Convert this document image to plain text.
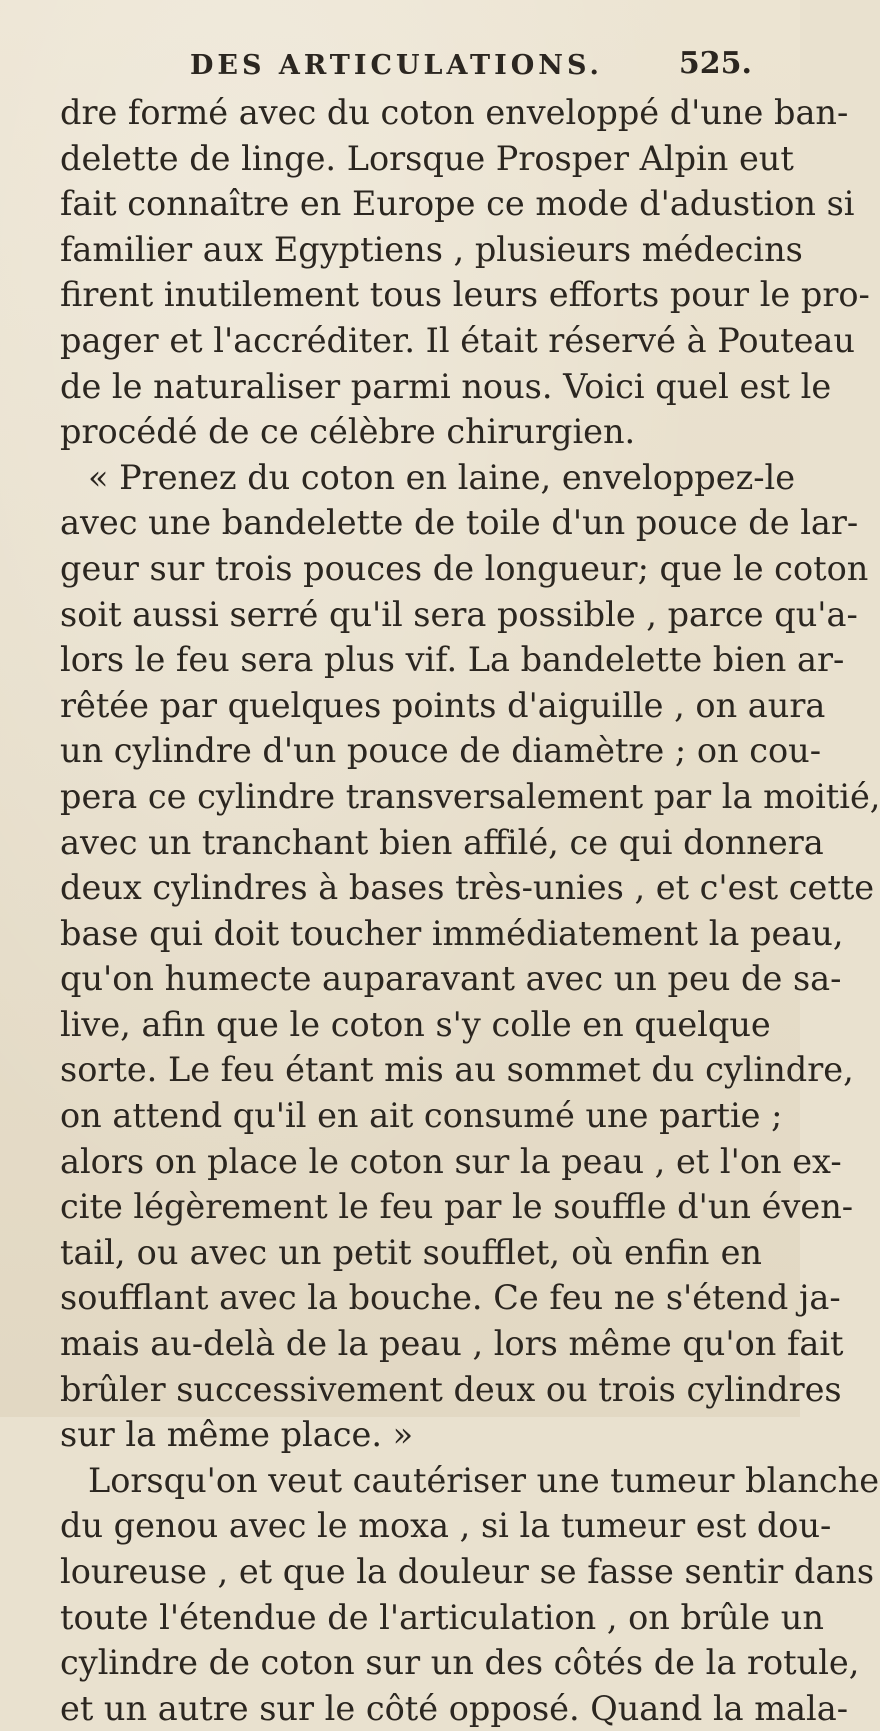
DES ARTICULATIONS.	525.
dre formé avec du coton enveloppé d'une ban-
delette de linge. Lorsque Prosper Alpin eut
fait connaître en Europe ce mode d'adustion si
familier aux Egyptiens , plusieurs médecins
firent inutilement tous leurs efforts pour le pro-
pager et l'accréditer. Il était réservé à Pouteau
de le naturaliser parmi nous. Voici quel est le
procédé de ce célèbre chirurgien.
« Prenez du coton en laine, enveloppez-le
avec une bandelette de toile d'un pouce de lar-
geur sur trois pouces de longueur; que le coton
soit aussi serré qu'il sera possible , parce qu'a-
lors le feu sera plus vif. La bandelette bien ar-
rêtée par quelques points d'aiguille , on aura
un cylindre d'un pouce de diamètre ; on cou-
pera ce cylindre transversalement par la moitié,
avec un tranchant bien affilé, ce qui donnera
deux cylindres à bases très-unies , et c'est cette
base qui doit toucher immédiatement la peau,
qu'on humecte auparavant avec un peu de sa-
live, afin que le coton s'y colle en quelque
sorte. Le feu étant mis au sommet du cylindre,
on attend qu'il en ait consumé une partie ;
alors on place le coton sur la peau , et l'on ex-
cite légèrement le feu par le souffle d'un éven-
tail, ou avec un petit soufflet, où enfin en
soufflant avec la bouche. Ce feu ne s'étend ja-
mais au-delà de la peau , lors même qu'on fait
brûler successivement deux ou trois cylindres
sur la même place. »
Lorsqu'on veut cautériser une tumeur blanche
du genou avec le moxa , si la tumeur est dou-
loureuse , et que la douleur se fasse sentir dans
toute l'étendue de l'articulation , on brûle un
cylindre de coton sur un des côtés de la rotule,
et un autre sur le côté opposé. Quand la mala-
